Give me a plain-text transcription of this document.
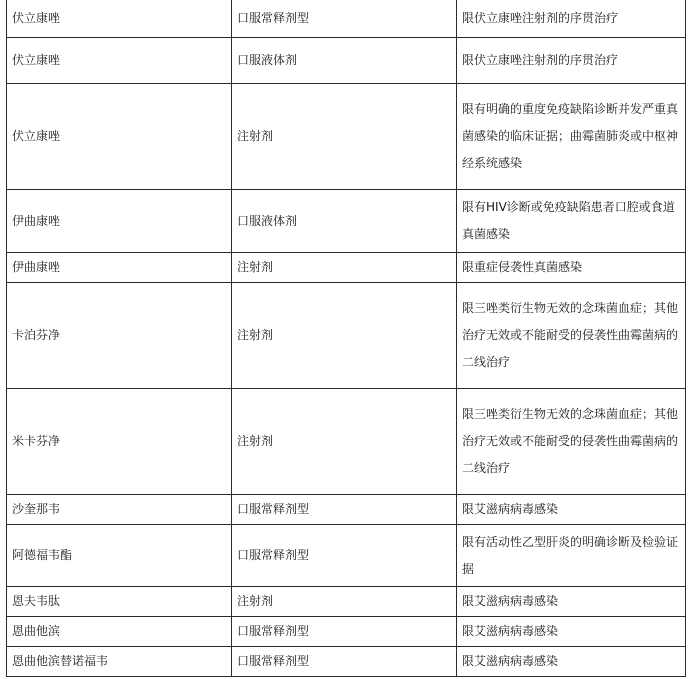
伏立康唑	口服常释剂型	限伏立康唑注射剂的序贯治疗
伏立康唑	口服液体剂	限伏立康唑注射剂的序贯治疗
伏立康唑	注射剂	限有明确的重度免疫缺陷诊断并发严重真菌感染的临床证据；曲霉菌肺炎或中枢神经系统感染
伊曲康唑	口服液体剂	限有HIV诊断或免疫缺陷患者口腔或食道真菌感染
伊曲康唑	注射剂	限重症侵袭性真菌感染
卡泊芬净	注射剂	限三唑类衍生物无效的念珠菌血症；其他治疗无效或不能耐受的侵袭性曲霉菌病的二线治疗
米卡芬净	注射剂	限三唑类衍生物无效的念珠菌血症；其他治疗无效或不能耐受的侵袭性曲霉菌病的二线治疗
沙奎那韦	口服常释剂型	限艾滋病病毒感染
阿德福韦酯	口服常释剂型	限有活动性乙型肝炎的明确诊断及检验证据
恩夫韦肽	注射剂	限艾滋病病毒感染
恩曲他滨	口服常释剂型	限艾滋病病毒感染
恩曲他滨替诺福韦	口服常释剂型	限艾滋病病毒感染
